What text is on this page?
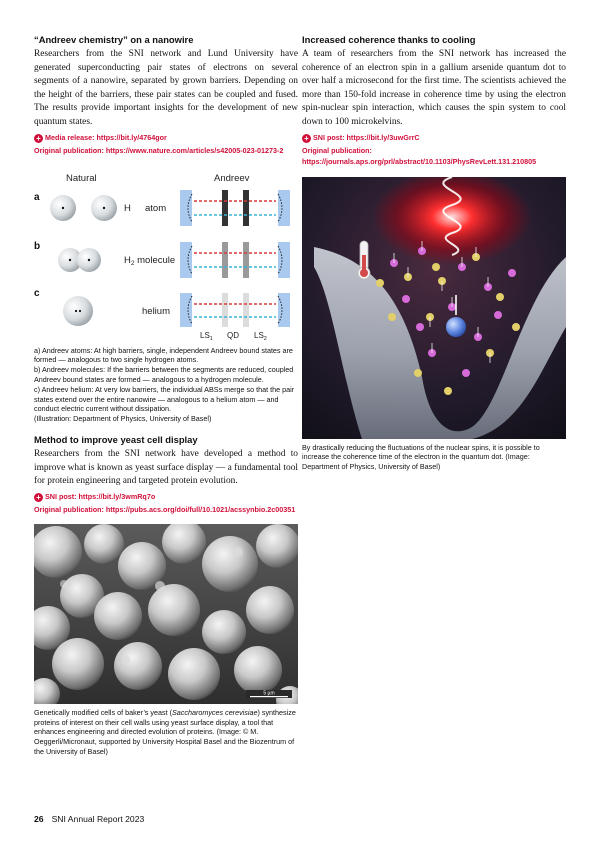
“Andreev chemistry” on a nanowire

Researchers from the SNI network and Lund University have generated superconducting pair states of electrons on several segments of a nanowire, separated by grown barriers. Depending on the height of the barriers, these pair states can be coupled and fused. The results provide important insights for the development of new quantum states.

+ Media release: https://bit.ly/4764gor
Original publication: https://www.nature.com/articles/s42005-023-01273-2
Natural	Andreev
a
H atom
b
$H_2$ molecule
c
helium
$LS_1$ QD $LS_2$

a) Andreev atoms: At high barriers, single, independent Andreev bound states are formed — analogous to two single hydrogen atoms.

b) Andreev molecules: If the barriers between the segments are reduced, coupled Andreev bound states are formed — analogous to a hydrogen molecule.

c) Andreev helium: At very low barriers, the individual ABSs merge so that the pair states extend over the entire nanowire — analogous to a helium atom — and conduct electric current without dissipation.

(Illustration: Department of Physics, University of Basel)

Method to improve yeast cell display

Researchers from the SNI network have developed a method to improve what is known as yeast surface display — a fundamental tool for protein engineering and targeted protein evolution.

+ SNI post: https://bit.ly/3wmRq7o
Original publication: https://pubs.acs.org/doi/full/10.1021/acssynbio.2c00351
5 µm

Genetically modified cells of baker’s yeast (Saccharomyces cerevisiae) synthesize proteins of interest on their cell walls using yeast surface display, a tool that enhances engineering and directed evolution of proteins. (Image: © M. Oeggerli/Micronaut, supported by University Hospital Basel and the Biozentrum of the University of Basel)

Increased coherence thanks to cooling

A team of researchers from the SNI network has increased the coherence of an electron spin in a gallium arsenide quantum dot to over half a microsecond for the first time. The scientists achieved the more than 150-fold increase in coherence time by using the electron spin-nuclear spin interaction, which causes the spin system to cool down to 100 microkelvins.

+ SNI post: https://bit.ly/3uwGrrC
Original publication: https://journals.aps.org/prl/abstract/10.1103/PhysRevLett.131.210805

By drastically reducing the fluctuations of the nuclear spins, it is possible to increase the coherence time of the electron in the quantum dot. (Image: Department of Physics, University of Basel)

26 SNI Annual Report 2023
